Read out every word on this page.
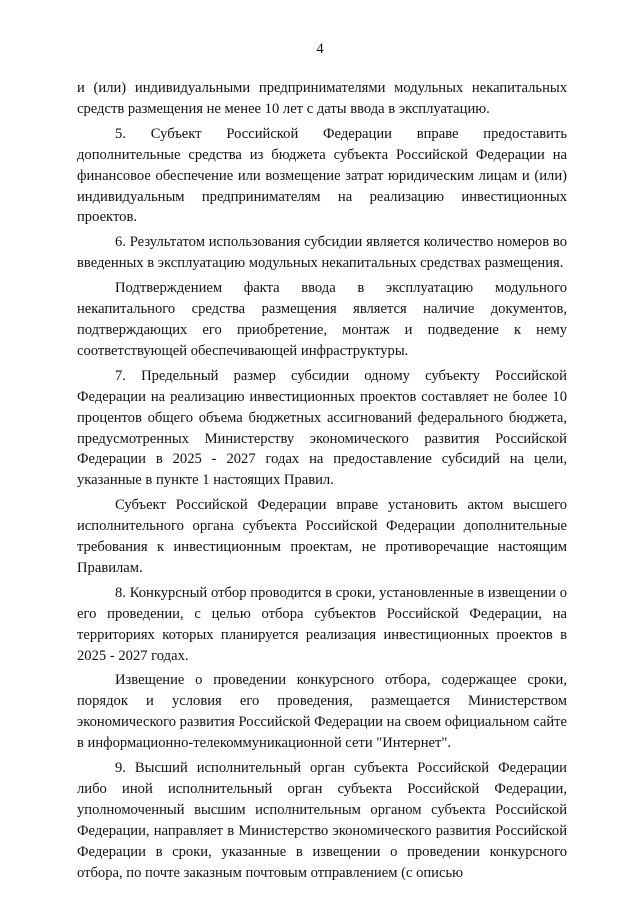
4

и (или) индивидуальными предпринимателями модульных некапитальных средств размещения не менее 10 лет с даты ввода в эксплуатацию.

5. Субъект Российской Федерации вправе предоставить дополнительные средства из бюджета субъекта Российской Федерации на финансовое обеспечение или возмещение затрат юридическим лицам и (или) индивидуальным предпринимателям на реализацию инвестиционных проектов.

6. Результатом использования субсидии является количество номеров во введенных в эксплуатацию модульных некапитальных средствах размещения.

Подтверждением факта ввода в эксплуатацию модульного некапитального средства размещения является наличие документов, подтверждающих его приобретение, монтаж и подведение к нему соответствующей обеспечивающей инфраструктуры.

7. Предельный размер субсидии одному субъекту Российской Федерации на реализацию инвестиционных проектов составляет не более 10 процентов общего объема бюджетных ассигнований федерального бюджета, предусмотренных Министерству экономического развития Российской Федерации в 2025 - 2027 годах на предоставление субсидий на цели, указанные в пункте 1 настоящих Правил.

Субъект Российской Федерации вправе установить актом высшего исполнительного органа субъекта Российской Федерации дополнительные требования к инвестиционным проектам, не противоречащие настоящим Правилам.

8. Конкурсный отбор проводится в сроки, установленные в извещении о его проведении, с целью отбора субъектов Российской Федерации, на территориях которых планируется реализация инвестиционных проектов в 2025 - 2027 годах.

Извещение о проведении конкурсного отбора, содержащее сроки, порядок и условия его проведения, размещается Министерством экономического развития Российской Федерации на своем официальном сайте в информационно-телекоммуникационной сети "Интернет".

9. Высший исполнительный орган субъекта Российской Федерации либо иной исполнительный орган субъекта Российской Федерации, уполномоченный высшим исполнительным органом субъекта Российской Федерации, направляет в Министерство экономического развития Российской Федерации в сроки, указанные в извещении о проведении конкурсного отбора, по почте заказным почтовым отправлением (с описью
